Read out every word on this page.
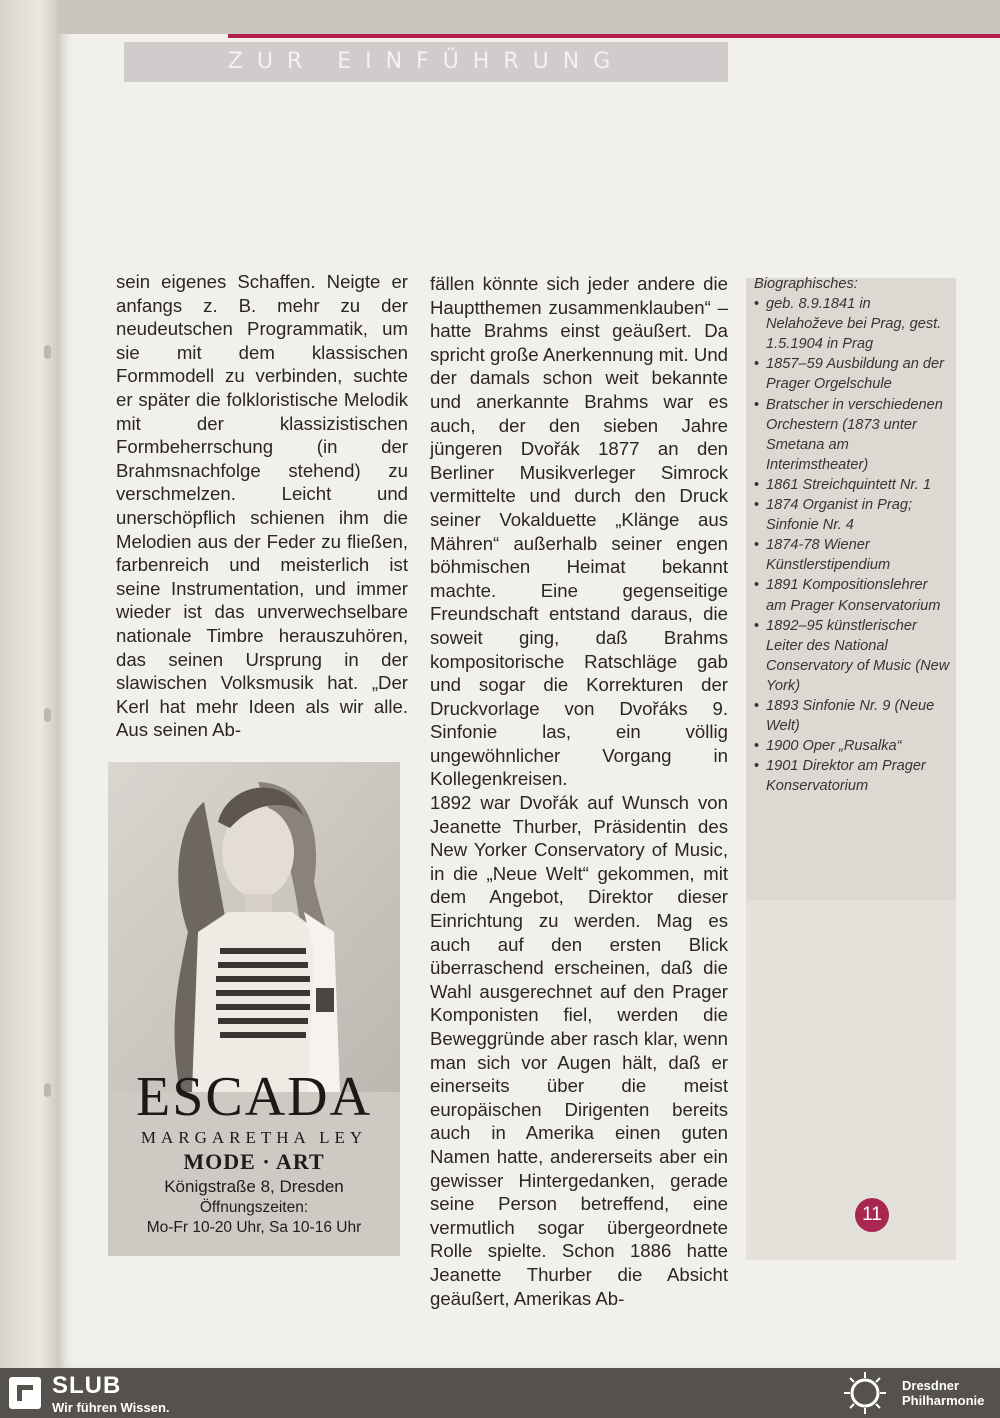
ZUR EINFÜHRUNG

sein eigenes Schaffen. Neigte er anfangs z. B. mehr zu der neudeutschen Programmatik, um sie mit dem klassischen Formmodell zu verbinden, suchte er später die folkloristische Melodik mit der klassizistischen Formbeherrschung (in der Brahmsnachfolge stehend) zu verschmelzen. Leicht und unerschöpflich schienen ihm die Melodien aus der Feder zu fließen, farbenreich und meisterlich ist seine Instrumentation, und immer wieder ist das unverwechselbare nationale Timbre herauszuhören, das seinen Ursprung in der slawischen Volksmusik hat. „Der Kerl hat mehr Ideen als wir alle. Aus seinen Ab-

fällen könnte sich jeder andere die Hauptthemen zusammenklauben“ – hatte Brahms einst geäußert. Da spricht große Anerkennung mit. Und der damals schon weit bekannte und anerkannte Brahms war es auch, der den sieben Jahre jüngeren Dvořák 1877 an den Berliner Musikverleger Simrock vermittelte und durch den Druck seiner Vokalduette „Klänge aus Mähren“ außerhalb seiner engen böhmischen Heimat bekannt machte. Eine gegenseitige Freundschaft entstand daraus, die soweit ging, daß Brahms kompositorische Ratschläge gab und sogar die Korrekturen der Druckvorlage von Dvořáks 9. Sinfonie las, ein völlig ungewöhnlicher Vorgang in Kollegenkreisen.

1892 war Dvořák auf Wunsch von Jeanette Thurber, Präsidentin des New Yorker Conservatory of Music, in die „Neue Welt“ gekommen, mit dem Angebot, Direktor dieser Einrichtung zu werden. Mag es auch auf den ersten Blick überraschend erscheinen, daß die Wahl ausgerechnet auf den Prager Komponisten fiel, werden die Beweggründe aber rasch klar, wenn man sich vor Augen hält, daß er einerseits über die meist europäischen Dirigenten bereits auch in Amerika einen guten Namen hatte, andererseits aber ein gewisser Hintergedanken, gerade seine Person betreffend, eine vermutlich sogar übergeordnete Rolle spielte. Schon 1886 hatte Jeanette Thurber die Absicht geäußert, Amerikas Ab-

Biographisches:

• geb. 8.9.1841 in Nelahoževe bei Prag, gest. 1.5.1904 in Prag
• 1857–59 Ausbildung an der Prager Orgelschule
• Bratscher in verschiedenen Orchestern (1873 unter Smetana am Interimstheater)
• 1861 Streichquintett Nr. 1
• 1874 Organist in Prag; Sinfonie Nr. 4
• 1874-78 Wiener Künstlerstipendium
• 1891 Kompositionslehrer am Prager Konservatorium
• 1892–95 künstlerischer Leiter des National Conservatory of Music (New York)
• 1893 Sinfonie Nr. 9 (Neue Welt)
• 1900 Oper „Rusalka“
• 1901 Direktor am Prager Konservatorium
ESCADA
MARGARETHA LEY
MODE · ART
Königstraße 8, Dresden
Öffnungszeiten:
Mo-Fr 10-20 Uhr, Sa 10-16 Uhr
11
SLUB
Wir führen Wissen.
Dresdner
Philharmonie
